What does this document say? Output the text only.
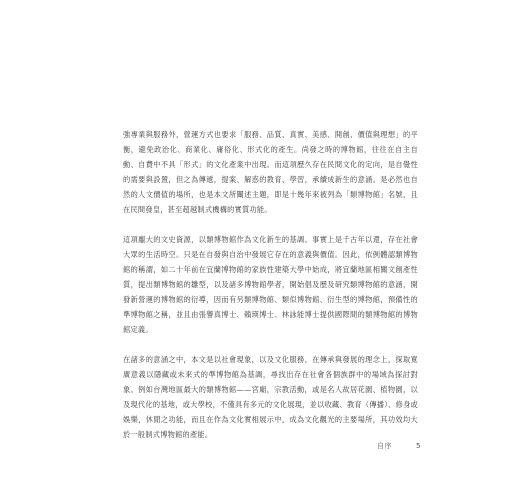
強專業與服務外，營運方式也要求「服務、品質、真實、美感、開創、價值與理想」的平衡，避免政治化、商業化、庸俗化、形式化的產生。尚發之時的博物館，往往在自主自動、自費中不具「形式」的文化產業中出現。而這項歷久存在民間文化的定向，是自覺性的需要與設置，但之為傳遞，提案、解惑的教育、學習，承續成新生的意涵。是必然也自然的人文價值的場所，也是本文所闡述主題，即是十幾年來被列為「類博物館」名號，且在民間發皇，甚至超越制式機構的實質功能。

這項龐大的文史資源，以類博物館作為文化新生的基調。事實上是千古年以還，存在社會大眾的生活時空。只是在自發與自治中發展它存在的意義與價值。因此，依例體認類博物館的稱謂，如二十年前在宜蘭博物館的家族性建築大學中始成，將宜蘭地區相關文創產性質，提出類博物館的雛型，以及諸多博物館學者，開始倡及歷及研究類博物館的意涵，開發新營運的博物館的衍導，因而有另類博物館、類似博物館、衍生型的博物館，預備性的準博物館之稱，並且由張譽真博士、賴瑛博士、林詠能博士提供國際間的類博物館的博物館定義。

在諸多的意涵之中，本文是以社會現象，以及文化服務，在傳承與發展的理念上，探取寬廣意義以隱藏或未來式的準博物館為基調，尋找出存在社會各個族群中的場域為探討對象。例如台灣地區最大的類博物館——宮廟，宗教活動，或是名人故居花園、植物園，以及現代化的基地，或大學校，不僅具有多元的文化展現，並以收藏、教育（傳播）、修身或娛樂，休閒之功能，而且在作為文化實相展示中，成為文化觀光的主要場所，其功效均大於一般制式博物館的產能。

自序	5
